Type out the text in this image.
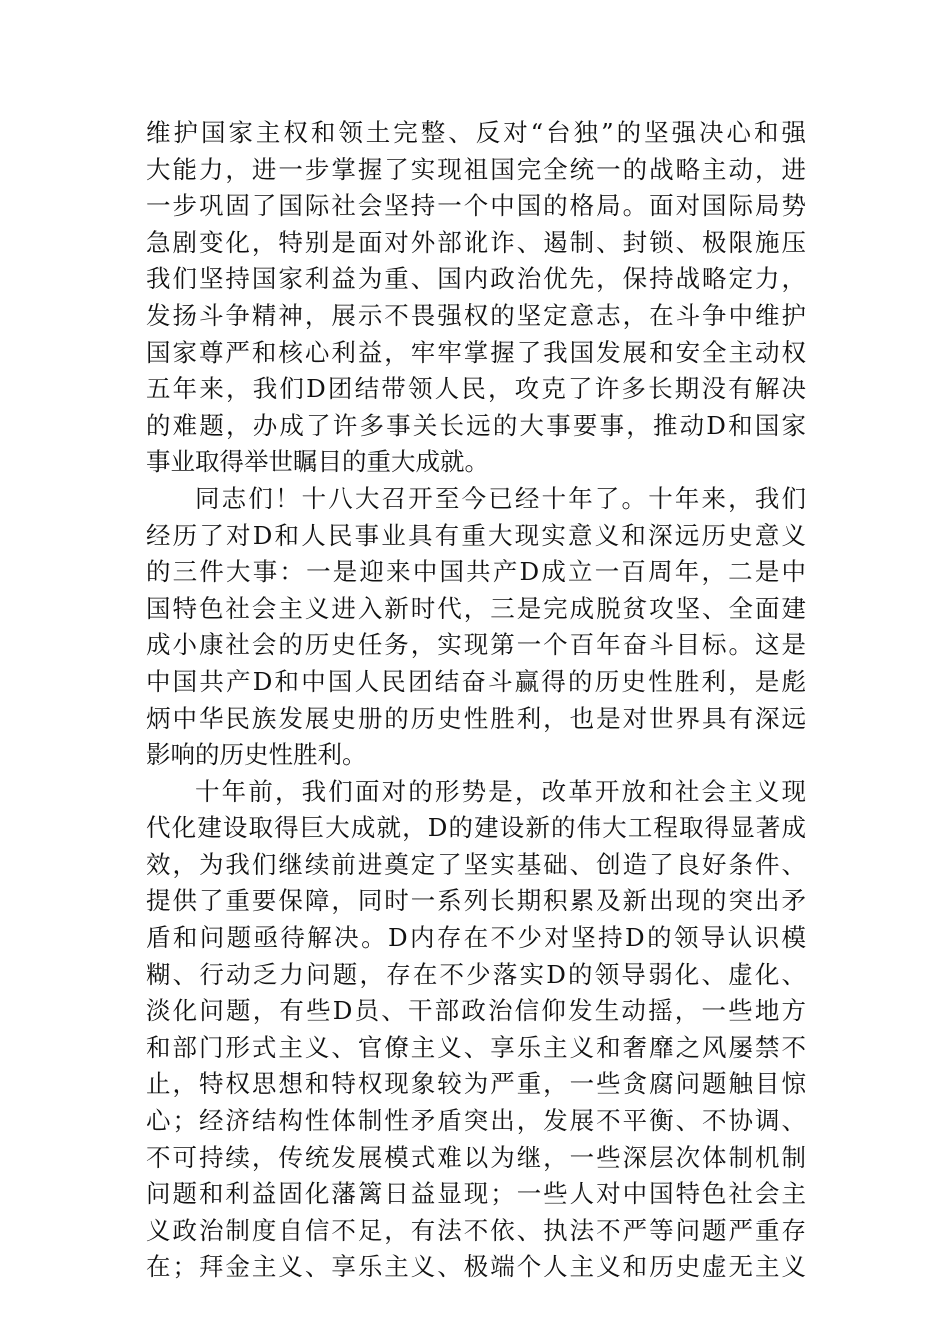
维护国家主权和领土完整、反对“台独”的坚强决心和强
大能力，进一步掌握了实现祖国完全统一的战略主动，进
一步巩固了国际社会坚持一个中国的格局。面对国际局势
急剧变化，特别是面对外部讹诈、遏制、封锁、极限施压
我们坚持国家利益为重、国内政治优先，保持战略定力，
发扬斗争精神，展示不畏强权的坚定意志，在斗争中维护
国家尊严和核心利益，牢牢掌握了我国发展和安全主动权
五年来，我们D团结带领人民，攻克了许多长期没有解决
的难题，办成了许多事关长远的大事要事，推动D和国家
事业取得举世瞩目的重大成就。
同志们！十八大召开至今已经十年了。十年来，我们
经历了对D和人民事业具有重大现实意义和深远历史意义
的三件大事：一是迎来中国共产D成立一百周年，二是中
国特色社会主义进入新时代，三是完成脱贫攻坚、全面建
成小康社会的历史任务，实现第一个百年奋斗目标。这是
中国共产D和中国人民团结奋斗赢得的历史性胜利，是彪
炳中华民族发展史册的历史性胜利，也是对世界具有深远
影响的历史性胜利。
十年前，我们面对的形势是，改革开放和社会主义现
代化建设取得巨大成就，D的建设新的伟大工程取得显著成
效，为我们继续前进奠定了坚实基础、创造了良好条件、
提供了重要保障，同时一系列长期积累及新出现的突出矛
盾和问题亟待解决。D内存在不少对坚持D的领导认识模
糊、行动乏力问题，存在不少落实D的领导弱化、虚化、
淡化问题，有些D员、干部政治信仰发生动摇，一些地方
和部门形式主义、官僚主义、享乐主义和奢靡之风屡禁不
止，特权思想和特权现象较为严重，一些贪腐问题触目惊
心；经济结构性体制性矛盾突出，发展不平衡、不协调、
不可持续，传统发展模式难以为继，一些深层次体制机制
问题和利益固化藩篱日益显现；一些人对中国特色社会主
义政治制度自信不足，有法不依、执法不严等问题严重存
在；拜金主义、享乐主义、极端个人主义和历史虚无主义
